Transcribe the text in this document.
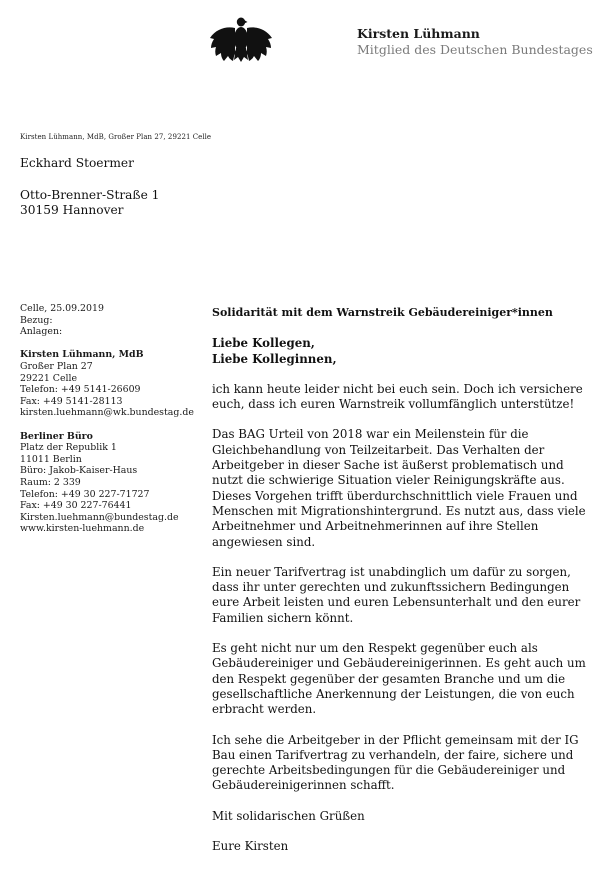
Kirsten Lühmann
Mitglied des Deutschen Bundestages
Kirsten Lühmann, MdB, Großer Plan 27, 29221 Celle
Eckhard Stoermer
Otto-Brenner-Straße 1
30159 Hannover
Celle, 25.09.2019
Bezug:
Anlagen:
Kirsten Lühmann, MdB
Großer Plan 27
29221 Celle
Telefon: +49 5141-26609
Fax: +49 5141-28113
kirsten.luehmann@wk.bundestag.de
Berliner Büro
Platz der Republik 1
11011 Berlin
Büro: Jakob-Kaiser-Haus
Raum: 2 339
Telefon: +49 30 227-71727
Fax: +49 30 227-76441
Kirsten.luehmann@bundestag.de
www.kirsten-luehmann.de
Solidarität mit dem Warnstreik Gebäudereiniger*innen
Liebe Kollegen,
Liebe Kolleginnen,

ich kann heute leider nicht bei euch sein. Doch ich versichere euch, dass ich euren Warnstreik vollumfänglich unterstütze!

Das BAG Urteil von 2018 war ein Meilenstein für die Gleichbehandlung von Teilzeitarbeit. Das Verhalten der Arbeitgeber in dieser Sache ist äußerst problematisch und nutzt die schwierige Situation vieler Reinigungskräfte aus. Dieses Vorgehen trifft überdurchschnittlich viele Frauen und Menschen mit Migrationshintergrund. Es nutzt aus, dass viele Arbeitnehmer und Arbeitnehmerinnen auf ihre Stellen angewiesen sind.

Ein neuer Tarifvertrag ist unabdinglich um dafür zu sorgen, dass ihr unter gerechten und zukunftssichern Bedingungen eure Arbeit leisten und euren Lebensunterhalt und den eurer Familien sichern könnt.

Es geht nicht nur um den Respekt gegenüber euch als Gebäudereiniger und Gebäudereinigerinnen. Es geht auch um den Respekt gegenüber der gesamten Branche und um die gesellschaftliche Anerkennung der Leistungen, die von euch erbracht werden.

Ich sehe die Arbeitgeber in der Pflicht gemeinsam mit der IG Bau einen Tarifvertrag zu verhandeln, der faire, sichere und gerechte Arbeitsbedingungen für die Gebäudereiniger und Gebäudereinigerinnen schafft.

Mit solidarischen Grüßen

Eure Kirsten
